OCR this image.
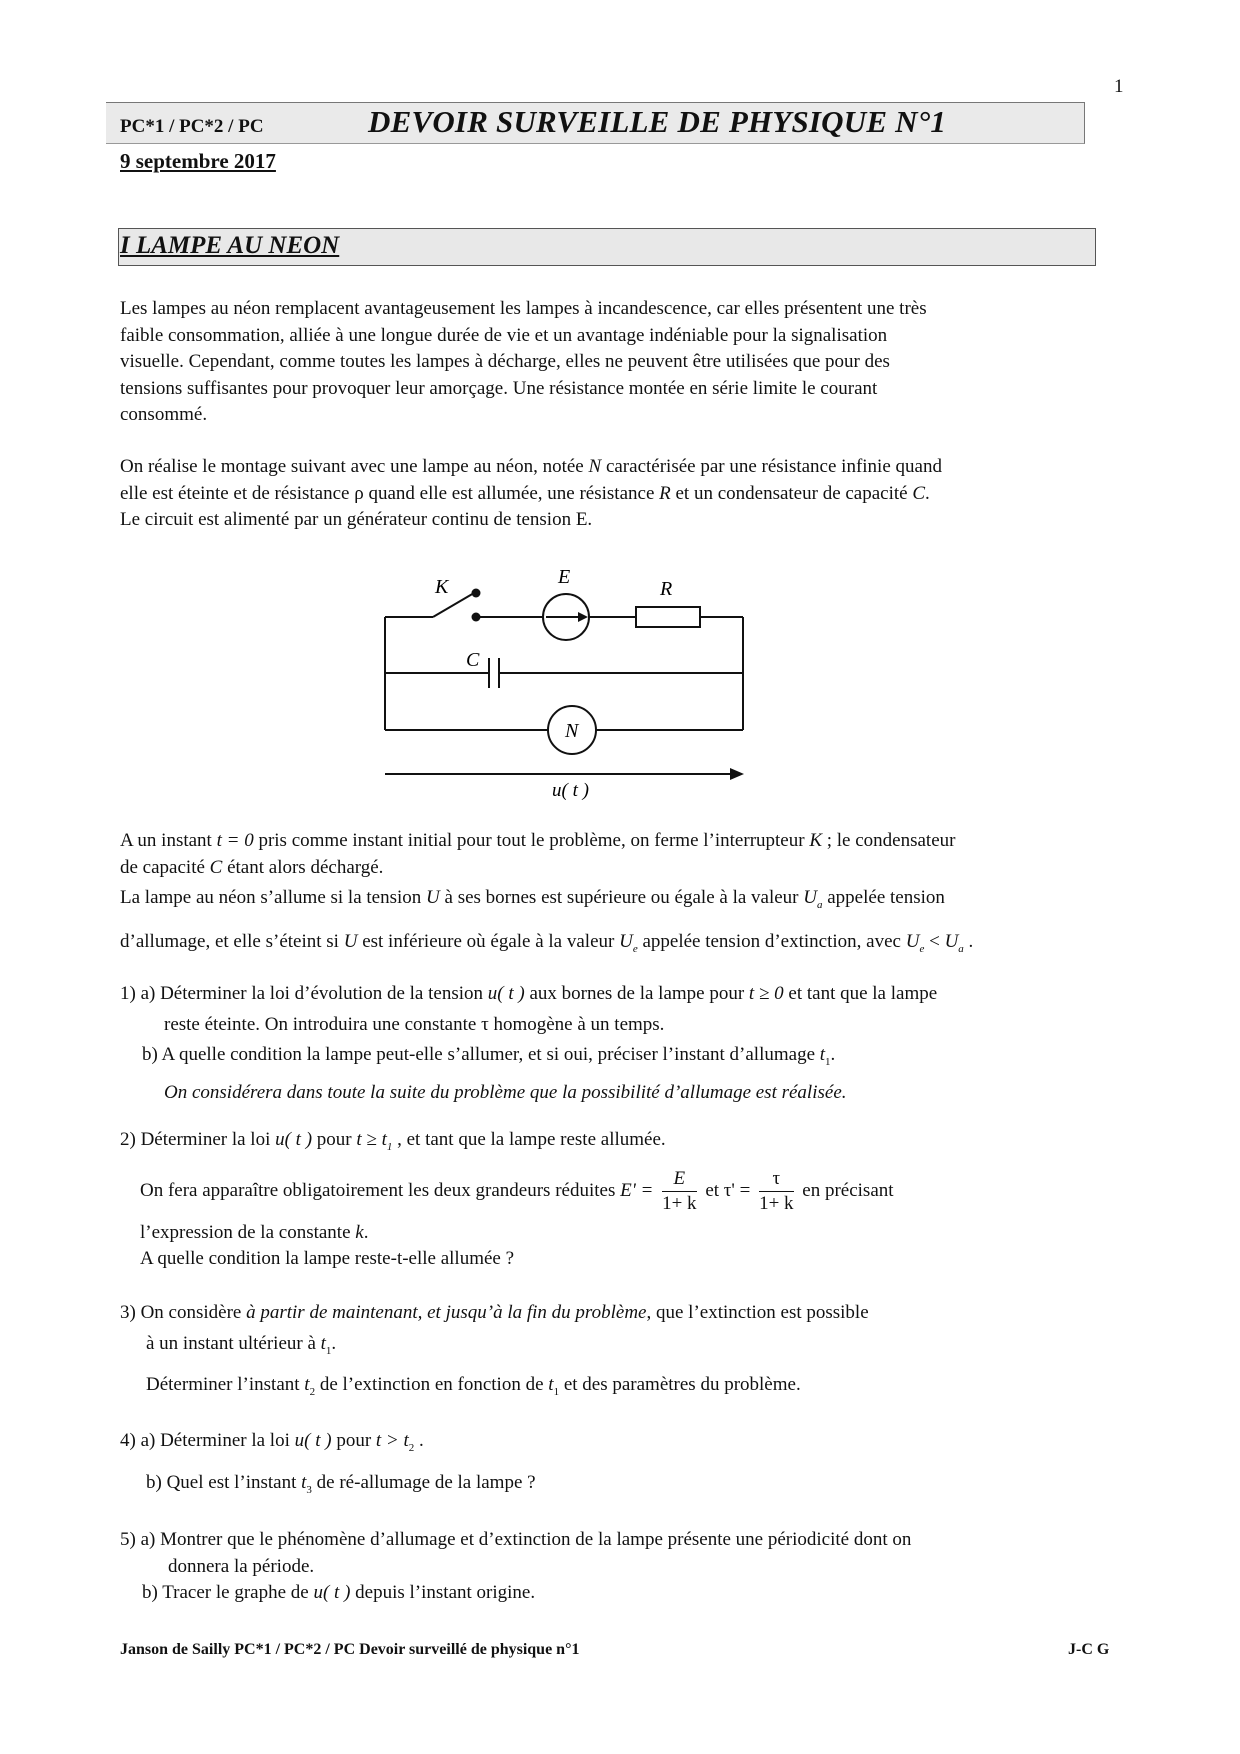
1
PC*1 / PC*2 / PC	DEVOIR SURVEILLE DE PHYSIQUE N°1
9 septembre 2017
I LAMPE AU NEON
Les lampes au néon remplacent avantageusement les lampes à incandescence, car elles présentent une très
faible consommation, alliée à une longue durée de vie et un avantage indéniable pour la signalisation
visuelle. Cependant, comme toutes les lampes à décharge, elles ne peuvent être utilisées que pour des
tensions suffisantes pour provoquer leur amorçage. Une résistance montée en série limite le courant
consommé.
On réalise le montage suivant avec une lampe au néon, notée N caractérisée par une résistance infinie quand
elle est éteinte et de résistance ρ quand elle est allumée, une résistance R et un condensateur de capacité C.
Le circuit est alimenté par un générateur continu de tension E.
K	E
R
C
N
u( t )
A un instant t = 0 pris comme instant initial pour tout le problème, on ferme l’interrupteur K ; le condensateur
de capacité C étant alors déchargé.
La lampe au néon s’allume si la tension U à ses bornes est supérieure ou égale à la valeur $U_a$ appelée tension
d’allumage, et elle s’éteint si U est inférieure où égale à la valeur $U_e$ appelée tension d’extinction, avec $U_e < U_a$ .
1) a) Déterminer la loi d’évolution de la tension u( t ) aux bornes de la lampe pour t ≥ 0 et tant que la lampe
reste éteinte. On introduira une constante τ homogène à un temps.
b) A quelle condition la lampe peut-elle s’allumer, et si oui, préciser l’instant d’allumage $t_1$.
On considérera dans toute la suite du problème que la possibilité d’allumage est réalisée.
2) Déterminer la loi u( t ) pour $t \ge t_1$ , et tant que la lampe reste allumée.
On fera apparaître obligatoirement les deux grandeurs réduites $E' = \frac{E}{1+ k}$ et $\tau' = \frac{\tau}{1+ k}$ en précisant
l’expression de la constante k.
A quelle condition la lampe reste-t-elle allumée ?
3) On considère à partir de maintenant, et jusqu’à la fin du problème, que l’extinction est possible
à un instant ultérieur à $t_1$.
Déterminer l’instant $t_2$ de l’extinction en fonction de $t_1$ et des paramètres du problème.
4) a) Déterminer la loi u( t ) pour $t > t_2$ .
b) Quel est l’instant $t_3$ de ré-allumage de la lampe ?
5) a) Montrer que le phénomène d’allumage et d’extinction de la lampe présente une périodicité dont on
donnera la période.
b) Tracer le graphe de u( t ) depuis l’instant origine.
Janson de Sailly PC*1 / PC*2 / PC Devoir surveillé de physique n°1	J-C G
